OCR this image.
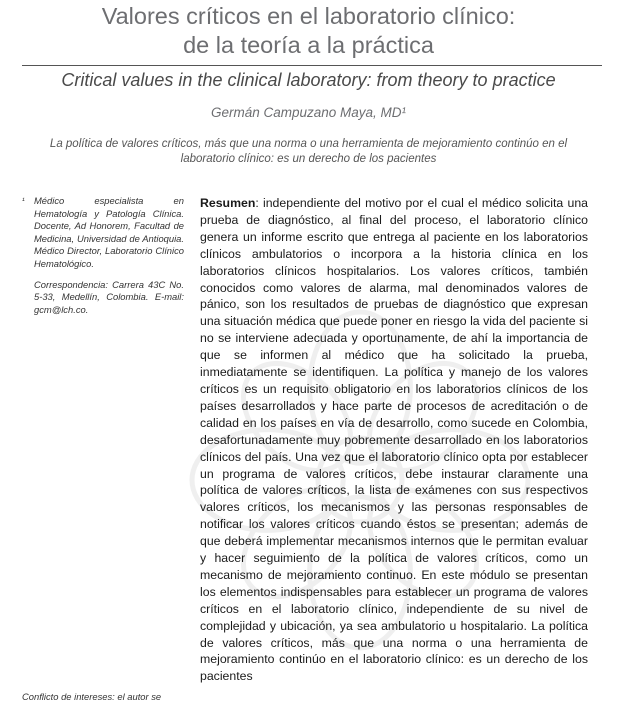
Valores críticos en el laboratorio clínico:
de la teoría a la práctica
Critical values in the clinical laboratory: from theory to practice
Germán Campuzano Maya, MD¹
La política de valores críticos, más que una norma o una herramienta de mejoramiento continúo en el laboratorio clínico: es un derecho de los pacientes
¹ Médico especialista en Hematología y Patología Clínica. Docente, Ad Honorem, Facultad de Medicina, Universidad de Antioquia. Médico Director, Laboratorio Clínico Hematológico.

Correspondencia: Carrera 43C No. 5-33, Medellín, Colombia. E-mail: gcm@lch.co.

Conflicto de intereses: el autor se
Resumen: independiente del motivo por el cual el médico solicita una prueba de diagnóstico, al final del proceso, el laboratorio clínico genera un informe escrito que entrega al paciente en los laboratorios clínicos ambulatorios o incorpora a la historia clínica en los laboratorios clínicos hospitalarios. Los valores críticos, también conocidos como valores de alarma, mal denominados valores de pánico, son los resultados de pruebas de diagnóstico que expresan una situación médica que puede poner en riesgo la vida del paciente si no se interviene adecuada y oportunamente, de ahí la importancia de que se informen al médico que ha solicitado la prueba, inmediatamente se identifiquen. La política y manejo de los valores críticos es un requisito obligatorio en los laboratorios clínicos de los países desarrollados y hace parte de procesos de acreditación o de calidad en los países en vía de desarrollo, como sucede en Colombia, desafortunadamente muy pobremente desarrollado en los laboratorios clínicos del país. Una vez que el laboratorio clínico opta por establecer un programa de valores críticos, debe instaurar claramente una política de valores críticos, la lista de exámenes con sus respectivos valores críticos, los mecanismos y las personas responsables de notificar los valores críticos cuando éstos se presentan; además de que deberá implementar mecanismos internos que le permitan evaluar y hacer seguimiento de la política de valores críticos, como un mecanismo de mejoramiento continuo. En este módulo se presentan los elementos indispensables para establecer un programa de valores críticos en el laboratorio clínico, independiente de su nivel de complejidad y ubicación, ya sea ambulatorio u hospitalario. La política de valores críticos, más que una norma o una herramienta de mejoramiento continúo en el laboratorio clínico: es un derecho de los pacientes
